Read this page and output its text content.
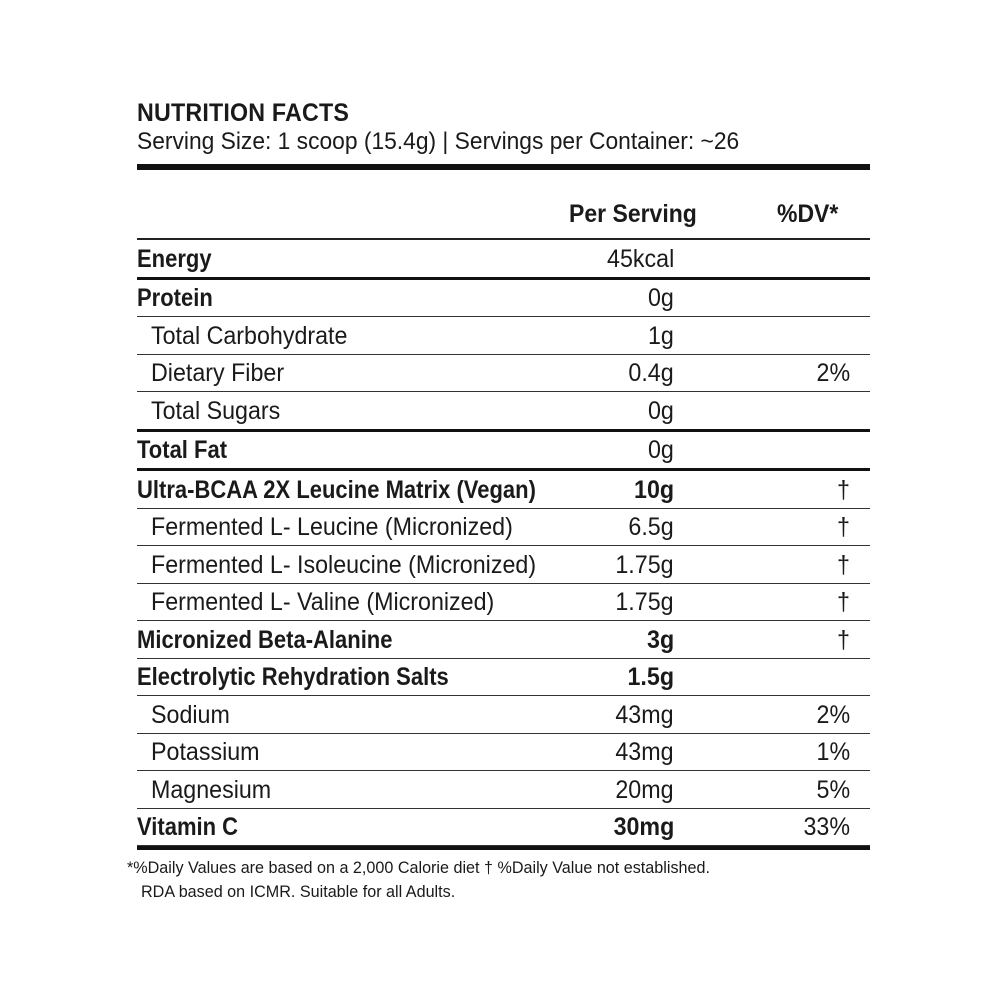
NUTRITION FACTS
Serving Size: 1 scoop (15.4g) | Servings per Container: ~26
Per Serving	%DV*
Energy	45kcal
Protein	0g
Total Carbohydrate	1g
Dietary Fiber	0.4g	2%
Total Sugars	0g
Total Fat	0g
Ultra-BCAA 2X Leucine Matrix (Vegan)	10g	†
Fermented L- Leucine (Micronized)	6.5g	†
Fermented L- Isoleucine (Micronized)	1.75g	†
Fermented L- Valine (Micronized)	1.75g	†
Micronized Beta-Alanine	3g	†
Electrolytic Rehydration Salts	1.5g
Sodium	43mg	2%
Potassium	43mg	1%
Magnesium	20mg	5%
Vitamin C	30mg	33%
*%Daily Values are based on a 2,000 Calorie diet † %Daily Value not established.
RDA based on ICMR. Suitable for all Adults.
